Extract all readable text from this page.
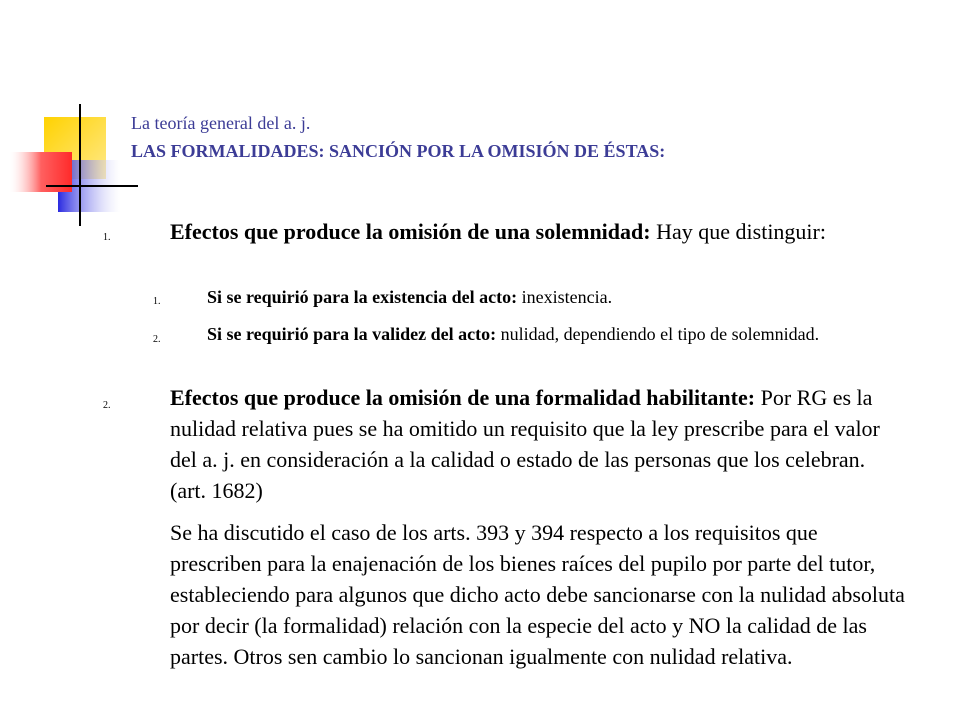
La teoría general del a. j.
LAS FORMALIDADES: SANCIÓN POR LA OMISIÓN DE ÉSTAS:
1.	Efectos que produce la omisión de una solemnidad: Hay que distinguir:
1.	Si se requirió para la existencia del acto: inexistencia.
2.	Si se requirió para la validez del acto: nulidad, dependiendo el tipo de solemnidad.
2.	Efectos que produce la omisión de una formalidad habilitante: Por RG es la nulidad relativa pues se ha omitido un requisito que la ley prescribe para el valor del a. j. en consideración a la calidad o estado de las personas que los celebran. (art. 1682)
Se ha discutido el caso de los arts. 393 y 394 respecto a los requisitos que prescriben para la enajenación de los bienes raíces del pupilo por parte del tutor, estableciendo para algunos que dicho acto debe sancionarse con la nulidad absoluta por decir (la formalidad) relación con la especie del acto y NO la calidad de las partes. Otros sen cambio lo sancionan igualmente con nulidad relativa.
